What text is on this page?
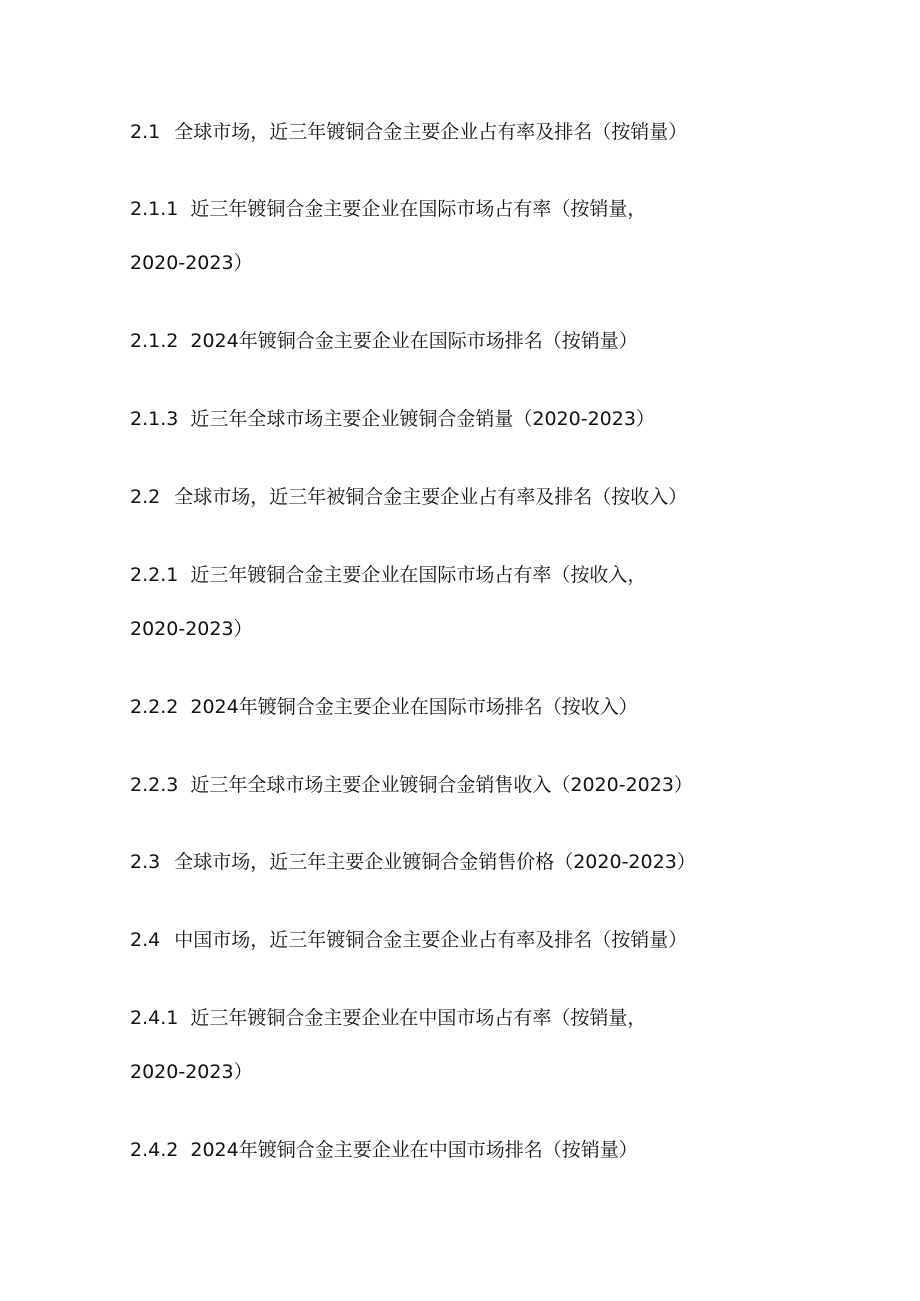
2.1 全球市场，近三年镀铜合金主要企业占有率及排名（按销量）
2.1.1 近三年镀铜合金主要企业在国际市场占有率（按销量，
2020-2023）
2.1.2 2024年镀铜合金主要企业在国际市场排名（按销量）
2.1.3 近三年全球市场主要企业镀铜合金销量（2020-2023）
2.2 全球市场，近三年被铜合金主要企业占有率及排名（按收入）
2.2.1 近三年镀铜合金主要企业在国际市场占有率（按收入，
2020-2023）
2.2.2 2024年镀铜合金主要企业在国际市场排名（按收入）
2.2.3 近三年全球市场主要企业镀铜合金销售收入（2020-2023）
2.3 全球市场，近三年主要企业镀铜合金销售价格（2020-2023）
2.4 中国市场，近三年镀铜合金主要企业占有率及排名（按销量）
2.4.1 近三年镀铜合金主要企业在中国市场占有率（按销量，
2020-2023）
2.4.2 2024年镀铜合金主要企业在中国市场排名（按销量）
